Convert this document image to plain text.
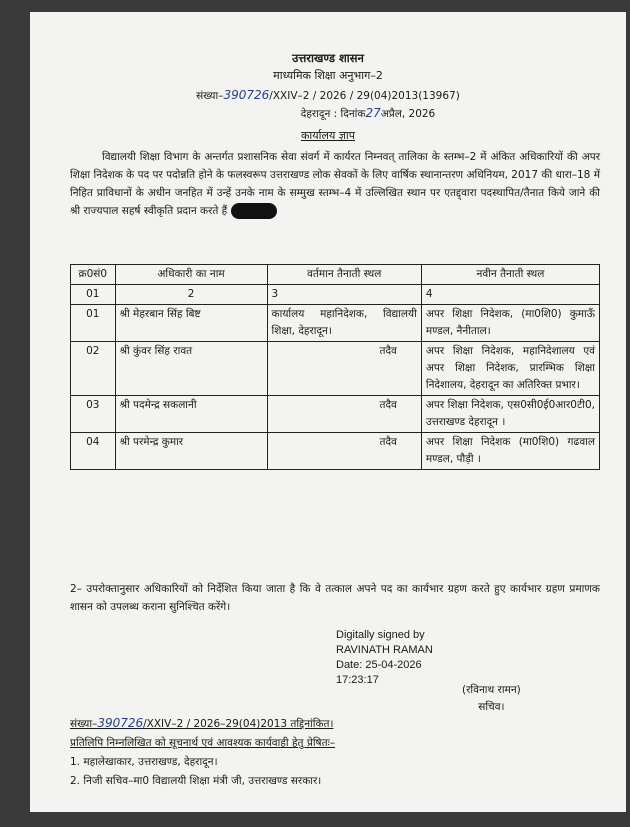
उत्तराखण्ड शासन
माध्यमिक शिक्षा अनुभाग–2
संख्या–390726/XXIV–2 / 2026 / 29(04)2013(13967)
देहरादून : दिनांक27अप्रैल, 2026
कार्यालय ज्ञाप
विद्यालयी शिक्षा विभाग के अन्तर्गत प्रशासनिक सेवा संवर्ग में कार्यरत निम्नवत् तालिका के स्तम्भ–2 में अंकित अधिकारियों की अपर शिक्षा निदेशक के पद पर पदोन्नति होने के फलस्वरूप उत्तराखण्ड लोक सेवकों के लिए वार्षिक स्थानान्तरण अधिनियम, 2017 की धारा–18 में निहित प्राविधानों के अधीन जनहित में उन्हें उनके नाम के सम्मुख स्तम्भ–4 में उल्लिखित स्थान पर एतद्द्वारा पदस्थापित/तैनात किये जाने की श्री राज्यपाल सहर्ष स्वीकृति प्रदान करते हैं
क्र0सं0	अधिकारी का नाम	वर्तमान तैनाती स्थल	नवीन तैनाती स्थल
01	2	3	4
01	श्री मेहरबान सिंह बिष्ट	कार्यालय महानिदेशक, विद्यालयी शिक्षा, देहरादून।	अपर शिक्षा निदेशक, (मा0शि0) कुमाऊँ मण्डल, नैनीताल।
02	श्री कुंवर सिंह रावत	तदैव	अपर शिक्षा निदेशक, महानिदेशालय एवं अपर शिक्षा निदेशक, प्रारम्भिक शिक्षा निदेशालय, देहरादून का अतिरिक्त प्रभार।
03	श्री पदमेन्द्र सकलानी	तदैव	अपर शिक्षा निदेशक, एस0सी0ई0आर0टी0, उत्तराखण्ड देहरादून ।
04	श्री परमेन्द्र कुमार	तदैव	अपर शिक्षा निदेशक (मा0शि0) गढवाल मण्डल, पौड़ी ।
2– उपरोक्तानुसार अधिकारियों को निर्देशित किया जाता है कि वे तत्काल अपने पद का कार्यभार ग्रहण करते हुए कार्यभार ग्रहण प्रमाणक शासन को उपलब्ध कराना सुनिश्चित करेंगे।
Digitally signed by
RAVINATH RAMAN
Date: 25-04-2026
17:23:17
(रविनाथ रामन)
सचिव।
संख्या–390726/XXIV–2 / 2026–29(04)2013 तद्दिनांकित।
प्रतिलिपि निम्नलिखित को सूचनार्थ एवं आवश्यक कार्यवाही हेतु प्रेषितः–
1. महालेखाकार, उत्तराखण्ड, देहरादून।
2. निजी सचिव–मा0 विद्यालयी शिक्षा मंत्री जी, उत्तराखण्ड सरकार।
